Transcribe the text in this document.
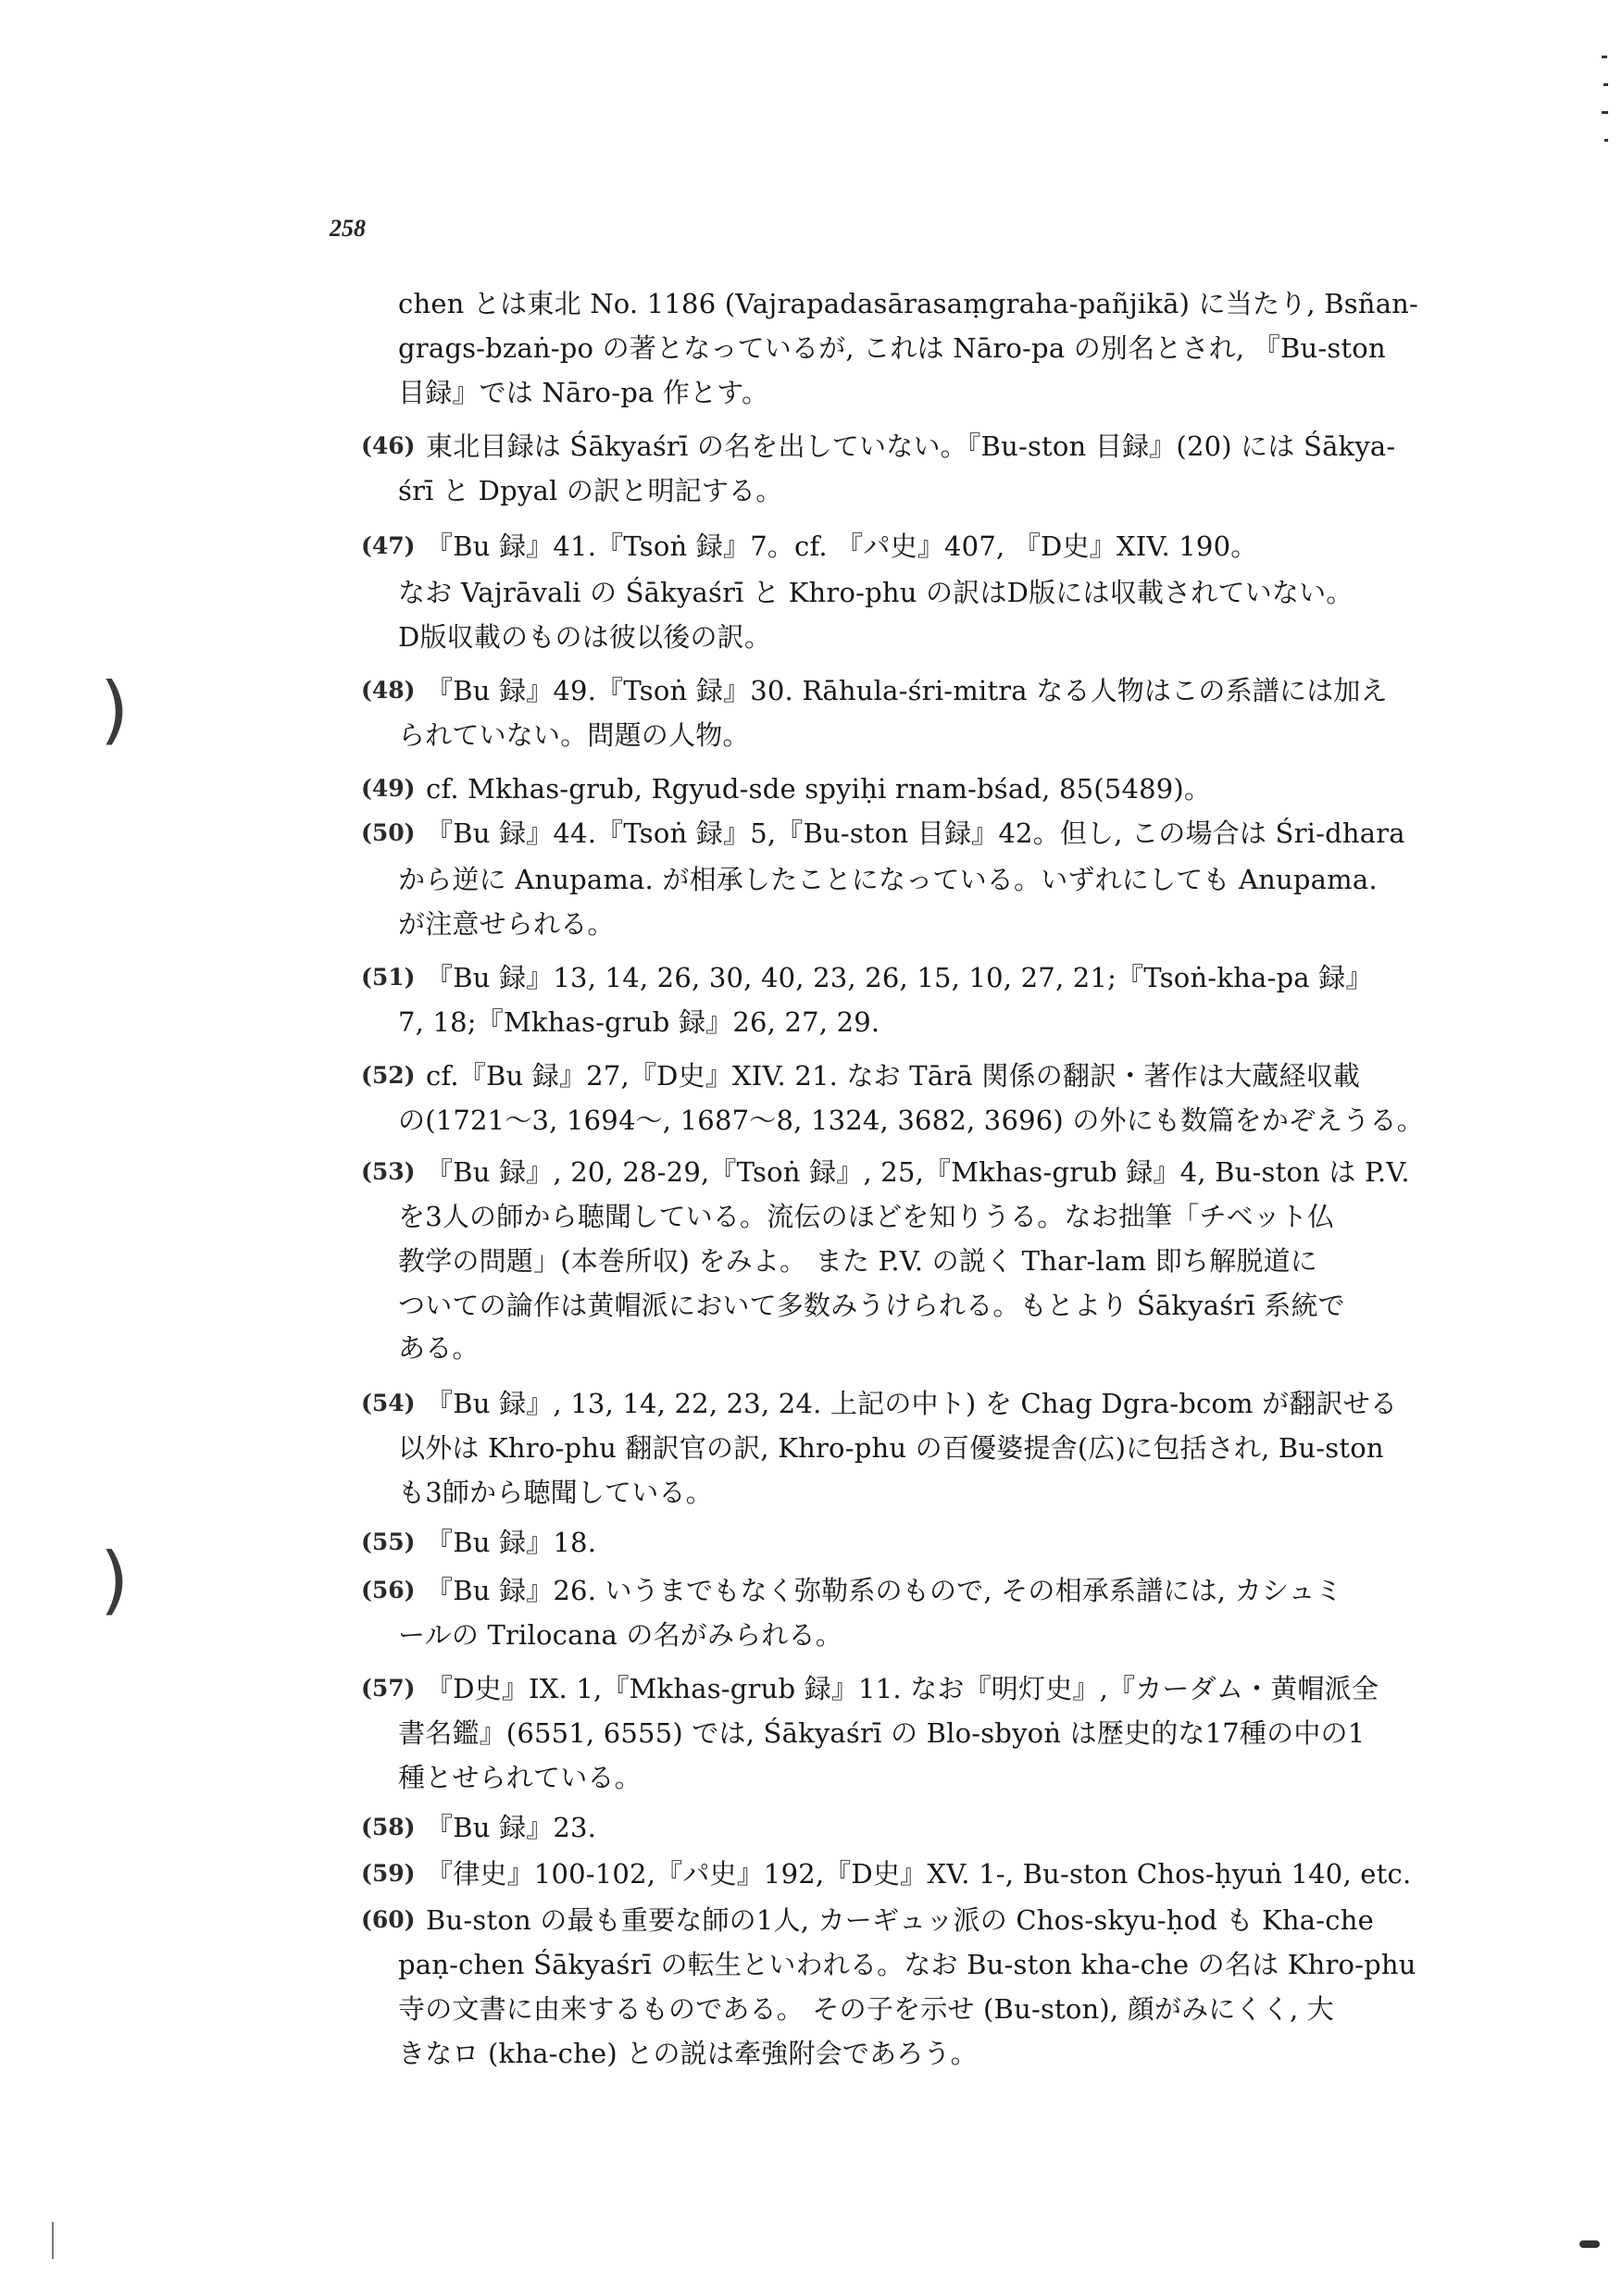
258
chen とは東北 No. 1186 (Vajrapadasārasaṃgraha-pañjikā) に当たり, Bsñan-
grags-bzaṅ-po の著となっているが, これは Nāro-pa の別名とされ, 『Bu-ston
目録』では Nāro-pa 作とす。
(46) 東北目録は Śākyaśrī の名を出していない。『Bu-ston 目録』(20) には Śākya-
śrī と Dpyal の訳と明記する。
(47) 『Bu 録』41.『Tsoṅ 録』7。cf. 『パ史』407, 『D史』XIV. 190。
なお Vajrāvali の Śākyaśrī と Khro-phu の訳はD版には収載されていない。
D版収載のものは彼以後の訳。
(48) 『Bu 録』49.『Tsoṅ 録』30. Rāhula-śri-mitra なる人物はこの系譜には加え
られていない。問題の人物。
(49) cf. Mkhas-grub, Rgyud-sde spyiḥi rnam-bśad, 85(5489)。
(50) 『Bu 録』44.『Tsoṅ 録』5,『Bu-ston 目録』42。但し, この場合は Śri-dhara
から逆に Anupama. が相承したことになっている。いずれにしても Anupama.
が注意せられる。
(51) 『Bu 録』13, 14, 26, 30, 40, 23, 26, 15, 10, 27, 21;『Tsoṅ-kha-pa 録』
7, 18;『Mkhas-grub 録』26, 27, 29.
(52) cf.『Bu 録』27,『D史』XIV. 21. なお Tārā 関係の翻訳・著作は大蔵経収載
の(1721〜3, 1694〜, 1687〜8, 1324, 3682, 3696) の外にも数篇をかぞえうる。
(53) 『Bu 録』, 20, 28-29,『Tsoṅ 録』, 25,『Mkhas-grub 録』4, Bu-ston は P.V.
を3人の師から聴聞している。流伝のほどを知りうる。なお拙筆「チベット仏
教学の問題」(本巻所収) をみよ。 また P.V. の説く Thar-lam 即ち解脱道に
ついての論作は黄帽派において多数みうけられる。もとより Śākyaśrī 系統で
ある。
(54) 『Bu 録』, 13, 14, 22, 23, 24. 上記の中ト) を Chag Dgra-bcom が翻訳せる
以外は Khro-phu 翻訳官の訳, Khro-phu の百優婆提舎(広)に包括され, Bu-ston
も3師から聴聞している。
(55) 『Bu 録』18.
(56) 『Bu 録』26. いうまでもなく弥勒系のもので, その相承系譜には, カシュミ
ールの Trilocana の名がみられる。
(57) 『D史』IX. 1,『Mkhas-grub 録』11. なお『明灯史』,『カーダム・黄帽派全
書名鑑』(6551, 6555) では, Śākyaśrī の Blo-sbyoṅ は歴史的な17種の中の1
種とせられている。
(58) 『Bu 録』23.
(59) 『律史』100-102,『パ史』192,『D史』XV. 1-, Bu-ston Chos-ḥyuṅ 140, etc.
(60) Bu-ston の最も重要な師の1人, カーギュッ派の Chos-skyu-ḥod も Kha-che
paṇ-chen Śākyaśrī の転生といわれる。なお Bu-ston kha-che の名は Khro-phu
寺の文書に由来するものである。 その子を示せ (Bu-ston), 顔がみにくく, 大
きなロ (kha-che) との説は牽強附会であろう。
)
)
